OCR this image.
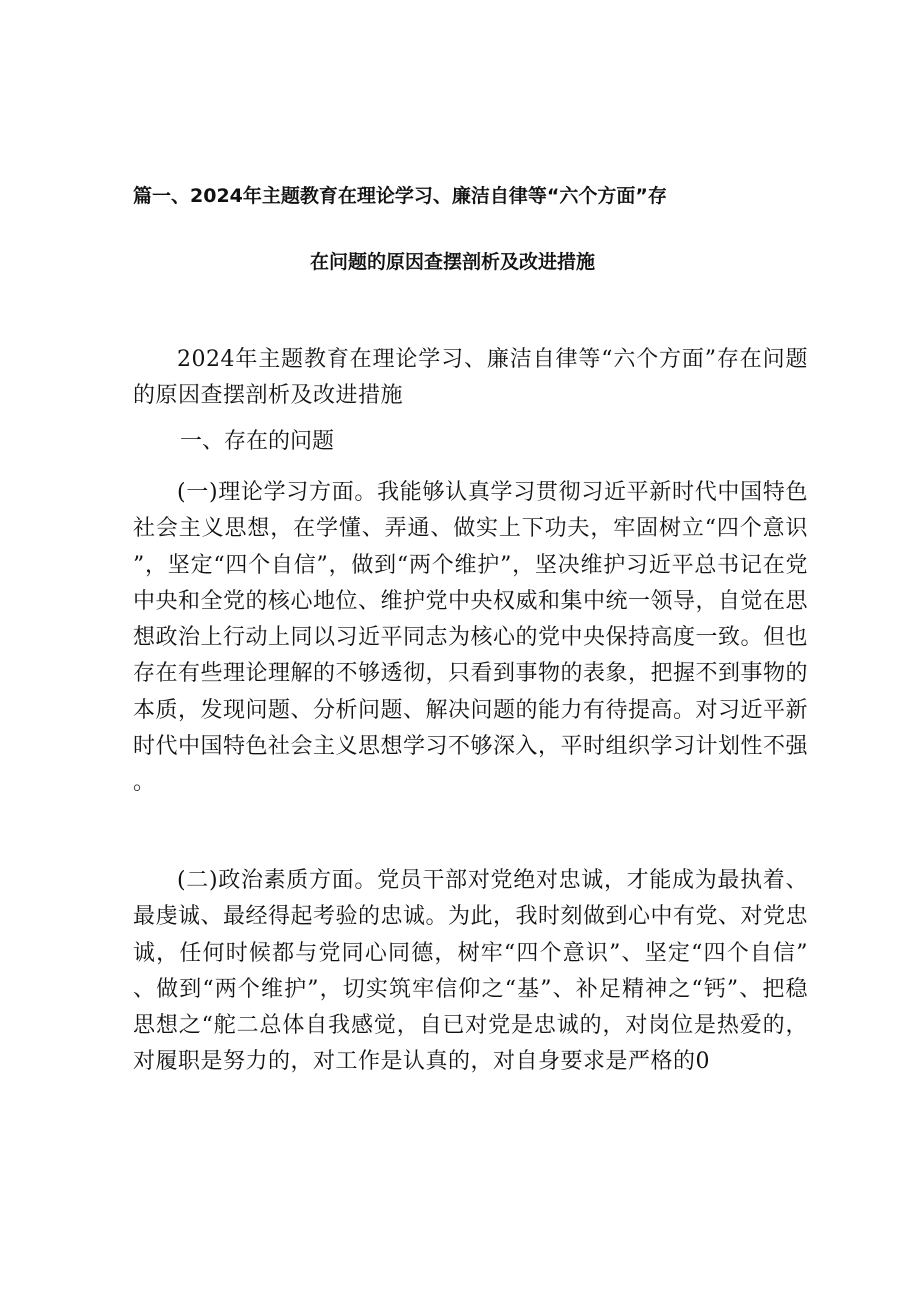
篇一、2024年主题教育在理论学习、廉洁自律等“六个方面”存
在问题的原因查摆剖析及改进措施

2024年主题教育在理论学习、廉洁自律等“六个方面”存在问题的原因查摆剖析及改进措施

一、存在的问题

(一)理论学习方面。我能够认真学习贯彻习近平新时代中国特色社会主义思想，在学懂、弄通、做实上下功夫，牢固树立“四个意识”，坚定“四个自信”，做到“两个维护”，坚决维护习近平总书记在党中央和全党的核心地位、维护党中央权威和集中统一领导，自觉在思想政治上行动上同以习近平同志为核心的党中央保持高度一致。但也存在有些理论理解的不够透彻，只看到事物的表象，把握不到事物的本质，发现问题、分析问题、解决问题的能力有待提高。对习近平新时代中国特色社会主义思想学习不够深入，平时组织学习计划性不强。

(二)政治素质方面。党员干部对党绝对忠诚，才能成为最执着、最虔诚、最经得起考验的忠诚。为此，我时刻做到心中有党、对党忠诚，任何时候都与党同心同德，树牢“四个意识”、坚定“四个自信”、做到“两个维护”，切实筑牢信仰之“基”、补足精神之“钙”、把稳思想之“舵二总体自我感觉，自已对党是忠诚的，对岗位是热爱的，对履职是努力的，对工作是认真的，对自身要求是严格的0
